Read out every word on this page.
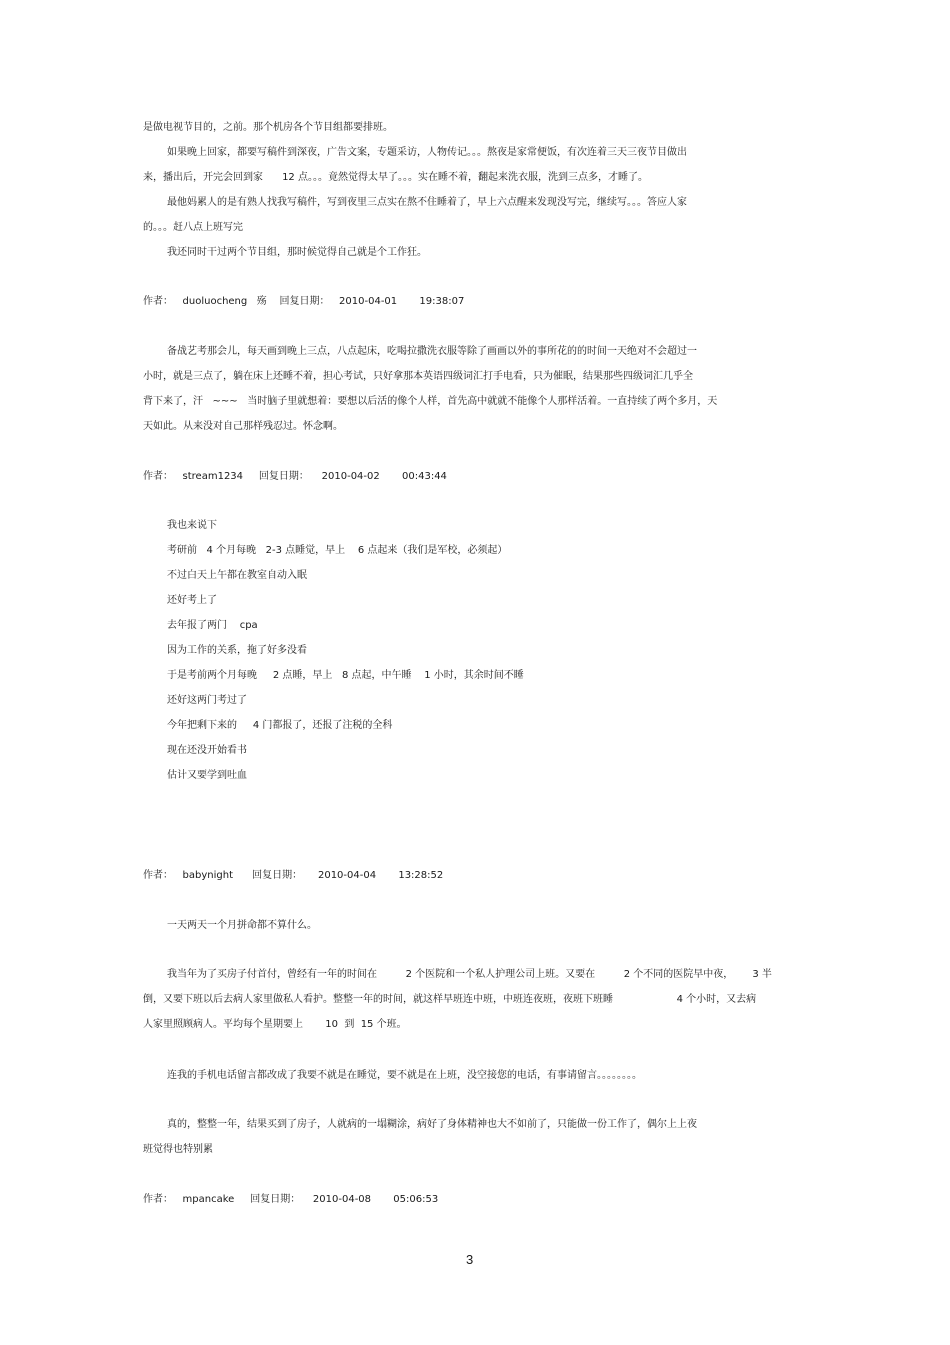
是做电视节目的，之前。那个机房各个节目组都要排班。
如果晚上回家，都要写稿件到深夜，广告文案，专题采访，人物传记。。。熬夜是家常便饭，有次连着三天三夜节目做出
来，播出后，开完会回到家      12 点。。。竟然觉得太早了。。。实在睡不着，翻起来洗衣服，洗到三点多，才睡了。
最他妈累人的是有熟人找我写稿件，写到夜里三点实在熬不住睡着了，早上六点醒来发现没写完，继续写。。。答应人家
的。。。赶八点上班写完
我还同时干过两个节目组，那时候觉得自己就是个工作狂。
作者：   duoluocheng   殇    回复日期：   2010-04-01       19:38:07
备战艺考那会儿，每天画到晚上三点，八点起床，吃喝拉撒洗衣服等除了画画以外的事所花的的时间一天绝对不会超过一
小时，就是三点了，躺在床上还睡不着，担心考试，只好拿那本英语四级词汇打手电看，只为催眠，结果那些四级词汇几乎全
背下来了，汗   ~~~   当时脑子里就想着：要想以后活的像个人样，首先高中就就不能像个人那样活着。一直持续了两个多月，天
天如此。从来没对自己那样残忍过。怀念啊。
作者：   stream1234     回复日期：    2010-04-02       00:43:44
我也来说下
考研前   4 个月每晚   2-3 点睡觉，早上    6 点起来（我们是军校，必须起）
不过白天上午都在教室自动入眠
还好考上了
去年报了两门    cpa
因为工作的关系，拖了好多没看
于是考前两个月每晚     2 点睡，早上   8 点起，中午睡    1 小时，其余时间不睡
还好这两门考过了
今年把剩下来的     4 门都报了，还报了注税的全科
现在还没开始看书
估计又要学到吐血
作者：   babynight      回复日期：     2010-04-04       13:28:52
一天两天一个月拼命都不算什么。
我当年为了买房子付首付，曾经有一年的时间在         2 个医院和一个私人护理公司上班。又要在         2 个不同的医院早中夜，      3 半
倒，又要下班以后去病人家里做私人看护。整整一年的时间，就这样早班连中班，中班连夜班，夜班下班睡                    4 个小时，又去病
人家里照顾病人。平均每个星期要上       10  到  15 个班。
连我的手机电话留言都改成了我要不就是在睡觉，要不就是在上班，没空接您的电话，有事请留言。。。。。。。。
真的，整整一年，结果买到了房子，人就病的一塌糊涂，病好了身体精神也大不如前了，只能做一份工作了，偶尔上上夜
班觉得也特别累
作者：   mpancake     回复日期：    2010-04-08       05:06:53
3
